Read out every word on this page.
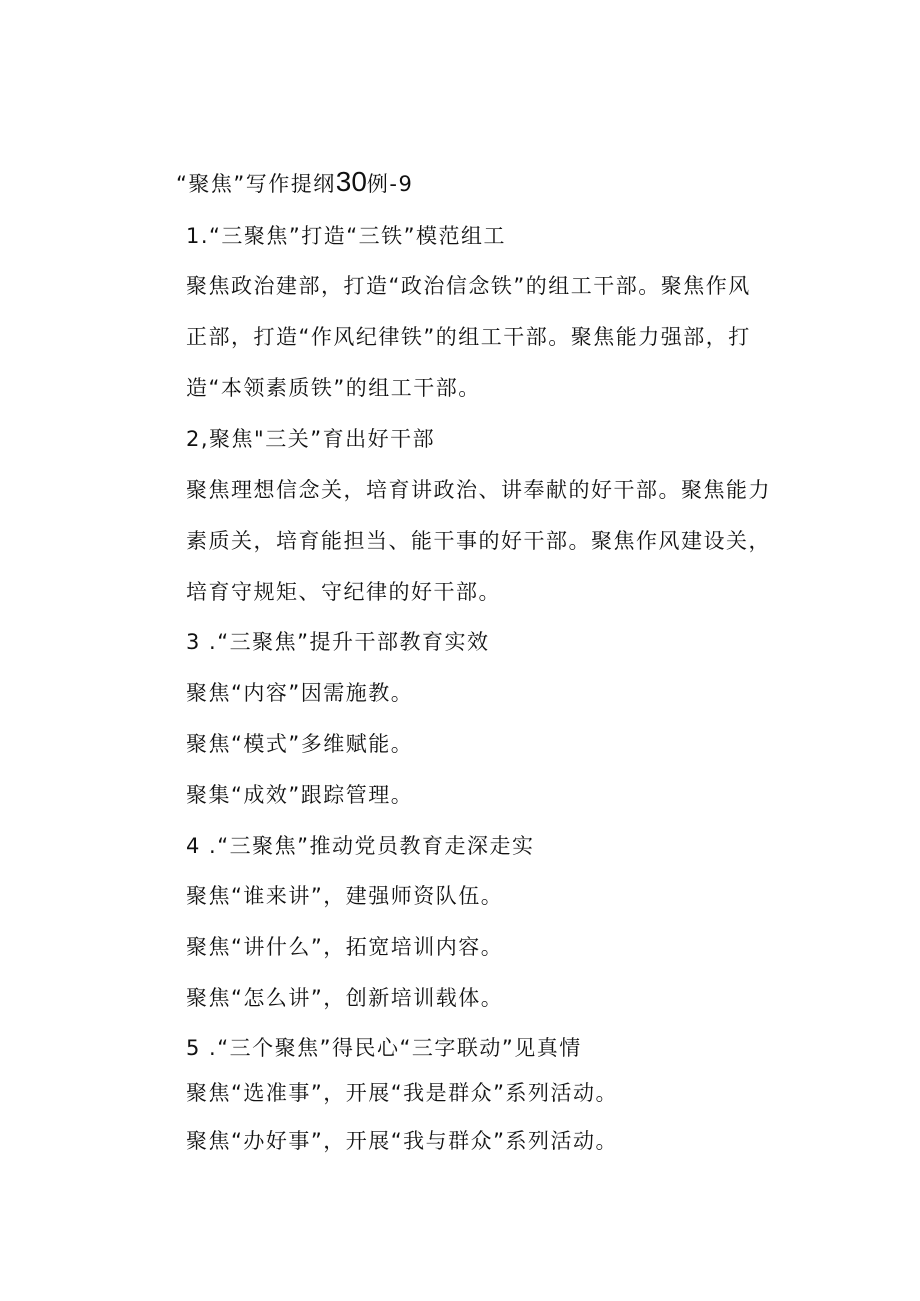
“聚焦”写作提纲30例-9
1.“三聚焦”打造“三铁”模范组工
聚焦政治建部，打造“政治信念铁”的组工干部。聚焦作风
正部，打造“作风纪律铁”的组工干部。聚焦能力强部，打
造“本领素质铁”的组工干部。
2,聚焦"三关”育出好干部
聚焦理想信念关，培育讲政治、讲奉献的好干部。聚焦能力
素质关，培育能担当、能干事的好干部。聚焦作风建设关，
培育守规矩、守纪律的好干部。
3 .“三聚焦”提升干部教育实效
聚焦“内容”因需施教。
聚焦“模式”多维赋能。
聚集“成效”跟踪管理。
4 .“三聚焦”推动党员教育走深走实
聚焦“谁来讲”，建强师资队伍。
聚焦“讲什么”，拓宽培训内容。
聚焦“怎么讲”，创新培训载体。
5 .“三个聚焦”得民心“三字联动”见真情
聚焦“选准事”，开展“我是群众”系列活动。
聚焦“办好事”，开展“我与群众”系列活动。
